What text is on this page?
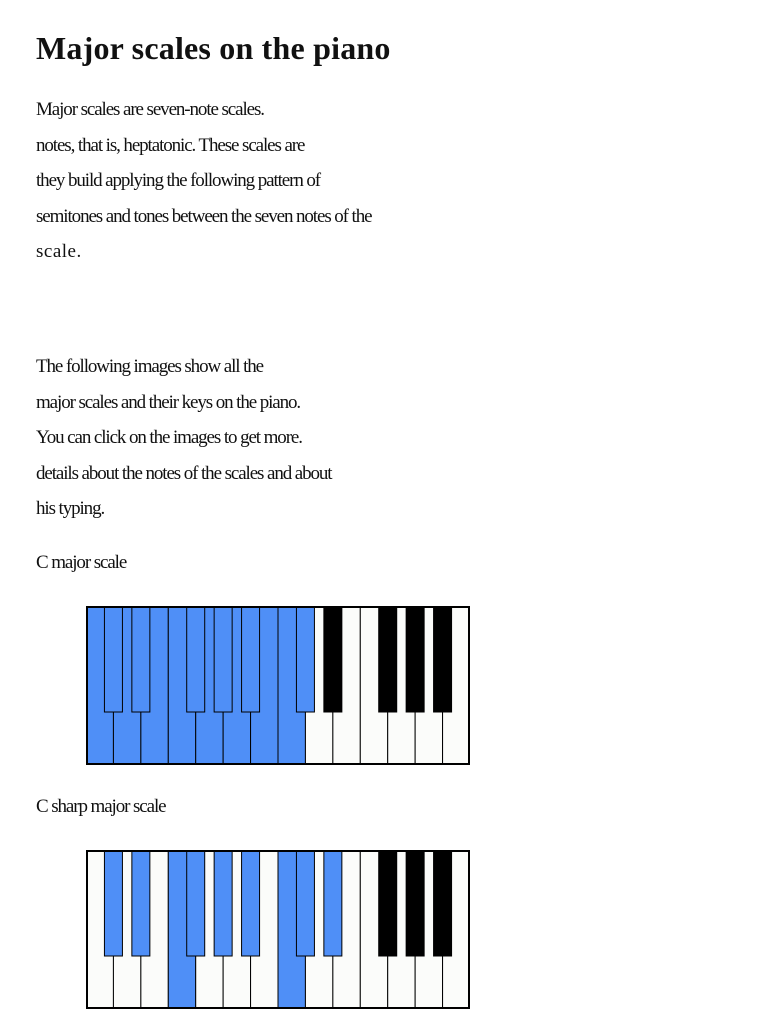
Major scales on the piano
Major scales are seven-note scales.
notes, that is, heptatonic. These scales are
they build applying the following pattern of
semitones and tones between the seven notes of the
scale.
The following images show all the
major scales and their keys on the piano.
You can click on the images to get more.
details about the notes of the scales and about
his typing.
C major scale
C sharp major scale
